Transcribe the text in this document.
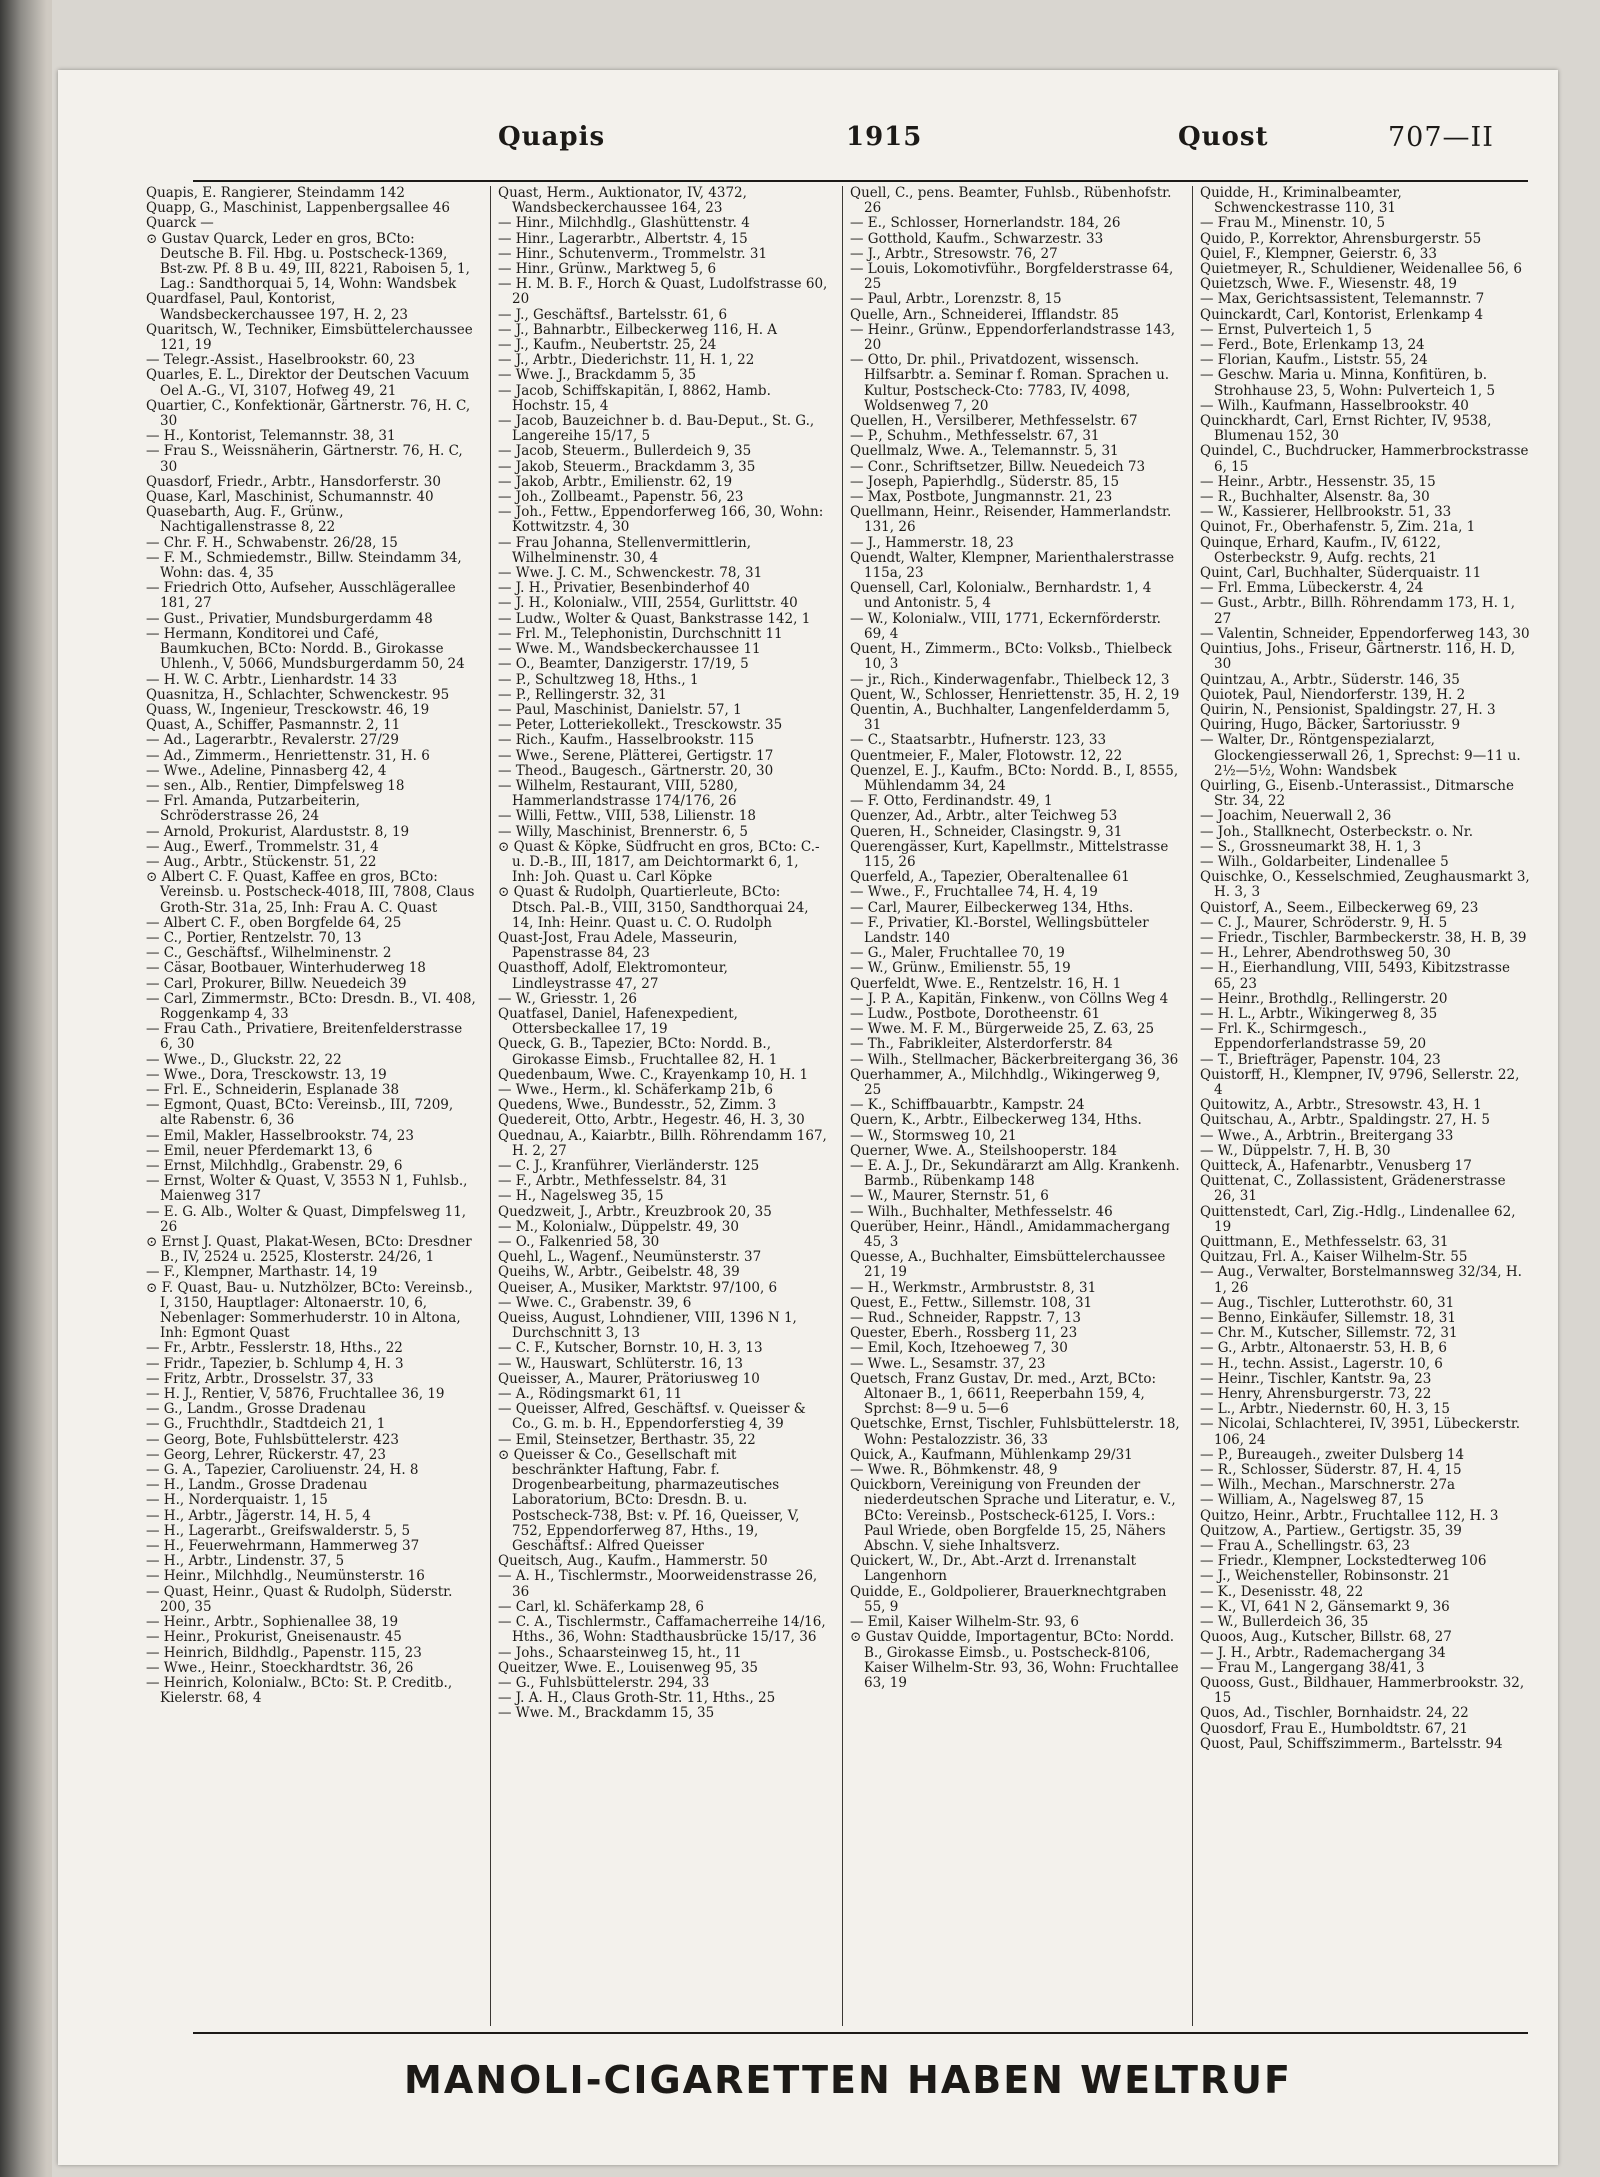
Quapis	1915	Quost	707—II

Quapis, E. Rangierer, Steindamm 142

Quapp, G., Maschinist, Lappenbergsallee 46

Quarck —

⊙ Gustav Quarck, Leder en gros, BCto: Deutsche B. Fil. Hbg. u. Postscheck-1369, Bst-zw. Pf. 8 B u. 49, III, 8221, Raboisen 5, 1, Lag.: Sandthorquai 5, 14, Wohn: Wandsbek

Quardfasel, Paul, Kontorist, Wandsbeckerchaussee 197, H. 2, 23

Quaritsch, W., Techniker, Eimsbüttelerchaussee 121, 19

— Telegr.-Assist., Haselbrookstr. 60, 23

Quarles, E. L., Direktor der Deutschen Vacuum Oel A.-G., VI, 3107, Hofweg 49, 21

Quartier, C., Konfektionär, Gärtnerstr. 76, H. C, 30

— H., Kontorist, Telemannstr. 38, 31

— Frau S., Weissnäherin, Gärtnerstr. 76, H. C, 30

Quasdorf, Friedr., Arbtr., Hansdorferstr. 30

Quase, Karl, Maschinist, Schumannstr. 40

Quasebarth, Aug. F., Grünw., Nachtigallenstrasse 8, 22

— Chr. F. H., Schwabenstr. 26/28, 15

— F. M., Schmiedemstr., Billw. Steindamm 34, Wohn: das. 4, 35

— Friedrich Otto, Aufseher, Ausschlägerallee 181, 27

— Gust., Privatier, Mundsburgerdamm 48

— Hermann, Konditorei und Café, Baumkuchen, BCto: Nordd. B., Girokasse Uhlenh., V, 5066, Mundsburgerdamm 50, 24

— H. W. C. Arbtr., Lienhardstr. 14 33

Quasnitza, H., Schlachter, Schwenckestr. 95

Quass, W., Ingenieur, Tresckowstr. 46, 19

Quast, A., Schiffer, Pasmannstr. 2, 11

— Ad., Lagerarbtr., Revalerstr. 27/29

— Ad., Zimmerm., Henriettenstr. 31, H. 6

— Wwe., Adeline, Pinnasberg 42, 4

— sen., Alb., Rentier, Dimpfelsweg 18

— Frl. Amanda, Putzarbeiterin, Schröderstrasse 26, 24

— Arnold, Prokurist, Alarduststr. 8, 19

— Aug., Ewerf., Trommelstr. 31, 4

— Aug., Arbtr., Stückenstr. 51, 22

⊙ Albert C. F. Quast, Kaffee en gros, BCto: Vereinsb. u. Postscheck-4018, III, 7808, Claus Groth-Str. 31a, 25, Inh: Frau A. C. Quast

— Albert C. F., oben Borgfelde 64, 25

— C., Portier, Rentzelstr. 70, 13

— C., Geschäftsf., Wilhelminenstr. 2

— Cäsar, Bootbauer, Winterhuderweg 18

— Carl, Prokurer, Billw. Neuedeich 39

— Carl, Zimmermstr., BCto: Dresdn. B., VI. 408, Roggenkamp 4, 33

— Frau Cath., Privatiere, Breitenfelderstrasse 6, 30

— Wwe., D., Gluckstr. 22, 22

— Wwe., Dora, Tresckowstr. 13, 19

— Frl. E., Schneiderin, Esplanade 38

— Egmont, Quast, BCto: Vereinsb., III, 7209, alte Rabenstr. 6, 36

— Emil, Makler, Hasselbrookstr. 74, 23

— Emil, neuer Pferdemarkt 13, 6

— Ernst, Milchhdlg., Grabenstr. 29, 6

— Ernst, Wolter & Quast, V, 3553 N 1, Fuhlsb., Maienweg 317

— E. G. Alb., Wolter & Quast, Dimpfelsweg 11, 26

⊙ Ernst J. Quast, Plakat-Wesen, BCto: Dresdner B., IV, 2524 u. 2525, Klosterstr. 24/26, 1

— F., Klempner, Marthastr. 14, 19

⊙ F. Quast, Bau- u. Nutzhölzer, BCto: Vereinsb., I, 3150, Hauptlager: Altonaerstr. 10, 6, Nebenlager: Sommerhuderstr. 10 in Altona, Inh: Egmont Quast

— Fr., Arbtr., Fesslerstr. 18, Hths., 22

— Fridr., Tapezier, b. Schlump 4, H. 3

— Fritz, Arbtr., Drosselstr. 37, 33

— H. J., Rentier, V, 5876, Fruchtallee 36, 19

— G., Landm., Grosse Dradenau

— G., Fruchthdlr., Stadtdeich 21, 1

— Georg, Bote, Fuhlsbüttelerstr. 423

— Georg, Lehrer, Rückerstr. 47, 23

— G. A., Tapezier, Caroliuenstr. 24, H. 8

— H., Landm., Grosse Dradenau

— H., Norderquaistr. 1, 15

— H., Arbtr., Jägerstr. 14, H. 5, 4

— H., Lagerarbt., Greifswalderstr. 5, 5

— H., Feuerwehrmann, Hammerweg 37

— H., Arbtr., Lindenstr. 37, 5

— Heinr., Milchhdlg., Neumünsterstr. 16

— Quast, Heinr., Quast & Rudolph, Süderstr. 200, 35

— Heinr., Arbtr., Sophienallee 38, 19

— Heinr., Prokurist, Gneisenaustr. 45

— Heinrich, Bildhdlg., Papenstr. 115, 23

— Wwe., Heinr., Stoeckhardtstr. 36, 26

— Heinrich, Kolonialw., BCto: St. P. Creditb., Kielerstr. 68, 4

Quast, Herm., Auktionator, IV, 4372, Wandsbeckerchaussee 164, 23

— Hinr., Milchhdlg., Glashüttenstr. 4

— Hinr., Lagerarbtr., Albertstr. 4, 15

— Hinr., Schutenverm., Trommelstr. 31

— Hinr., Grünw., Marktweg 5, 6

— H. M. B. F., Horch & Quast, Ludolfstrasse 60, 20

— J., Geschäftsf., Bartelsstr. 61, 6

— J., Bahnarbtr., Eilbeckerweg 116, H. A

— J., Kaufm., Neubertstr. 25, 24

— J., Arbtr., Diederichstr. 11, H. 1, 22

— Wwe. J., Brackdamm 5, 35

— Jacob, Schiffskapitän, I, 8862, Hamb. Hochstr. 15, 4

— Jacob, Bauzeichner b. d. Bau-Deput., St. G., Langereihe 15/17, 5

— Jacob, Steuerm., Bullerdeich 9, 35

— Jakob, Steuerm., Brackdamm 3, 35

— Jakob, Arbtr., Emilienstr. 62, 19

— Joh., Zollbeamt., Papenstr. 56, 23

— Joh., Fettw., Eppendorferweg 166, 30, Wohn: Kottwitzstr. 4, 30

— Frau Johanna, Stellenvermittlerin, Wilhelminenstr. 30, 4

— Wwe. J. C. M., Schwenckestr. 78, 31

— J. H., Privatier, Besenbinderhof 40

— J. H., Kolonialw., VIII, 2554, Gurlittstr. 40

— Ludw., Wolter & Quast, Bankstrasse 142, 1

— Frl. M., Telephonistin, Durchschnitt 11

— Wwe. M., Wandsbeckerchaussee 11

— O., Beamter, Danzigerstr. 17/19, 5

— P., Schultzweg 18, Hths., 1

— P., Rellingerstr. 32, 31

— Paul, Maschinist, Danielstr. 57, 1

— Peter, Lotteriekollekt., Tresckowstr. 35

— Rich., Kaufm., Hasselbrookstr. 115

— Wwe., Serene, Plätterei, Gertigstr. 17

— Theod., Baugesch., Gärtnerstr. 20, 30

— Wilhelm, Restaurant, VIII, 5280, Hammerlandstrasse 174/176, 26

— Willi, Fettw., VIII, 538, Lilienstr. 18

— Willy, Maschinist, Brennerstr. 6, 5

⊙ Quast & Köpke, Südfrucht en gros, BCto: C.-u. D.-B., III, 1817, am Deichtormarkt 6, 1, Inh: Joh. Quast u. Carl Köpke

⊙ Quast & Rudolph, Quartierleute, BCto: Dtsch. Pal.-B., VIII, 3150, Sandthorquai 24, 14, Inh: Heinr. Quast u. C. O. Rudolph

Quast-Jost, Frau Adele, Masseurin, Papenstrasse 84, 23

Quasthoff, Adolf, Elektromonteur, Lindleystrasse 47, 27

— W., Griesstr. 1, 26

Quatfasel, Daniel, Hafenexpedient, Ottersbeckallee 17, 19

Queck, G. B., Tapezier, BCto: Nordd. B., Girokasse Eimsb., Fruchtallee 82, H. 1

Quedenbaum, Wwe. C., Krayenkamp 10, H. 1

— Wwe., Herm., kl. Schäferkamp 21b, 6

Quedens, Wwe., Bundesstr., 52, Zimm. 3

Quedereit, Otto, Arbtr., Hegestr. 46, H. 3, 30

Quednau, A., Kaiarbtr., Billh. Röhrendamm 167, H. 2, 27

— C. J., Kranführer, Vierländerstr. 125

— F., Arbtr., Methfesselstr. 84, 31

— H., Nagelsweg 35, 15

Quedzweit, J., Arbtr., Kreuzbrook 20, 35

— M., Kolonialw., Düppelstr. 49, 30

— O., Falkenried 58, 30

Quehl, L., Wagenf., Neumünsterstr. 37

Queihs, W., Arbtr., Geibelstr. 48, 39

Queiser, A., Musiker, Marktstr. 97/100, 6

— Wwe. C., Grabenstr. 39, 6

Queiss, August, Lohndiener, VIII, 1396 N 1, Durchschnitt 3, 13

— C. F., Kutscher, Bornstr. 10, H. 3, 13

— W., Hauswart, Schlüterstr. 16, 13

Queisser, A., Maurer, Prätoriusweg 10

— A., Rödingsmarkt 61, 11

— Queisser, Alfred, Geschäftsf. v. Queisser & Co., G. m. b. H., Eppendorferstieg 4, 39

— Emil, Steinsetzer, Berthastr. 35, 22

⊙ Queisser & Co., Gesellschaft mit beschränkter Haftung, Fabr. f. Drogenbearbeitung, pharmazeutisches Laboratorium, BCto: Dresdn. B. u. Postscheck-738, Bst: v. Pf. 16, Queisser, V, 752, Eppendorferweg 87, Hths., 19, Geschäftsf.: Alfred Queisser

Queitsch, Aug., Kaufm., Hammerstr. 50

— A. H., Tischlermstr., Moorweidenstrasse 26, 36

— Carl, kl. Schäferkamp 28, 6

— C. A., Tischlermstr., Caffamacherreihe 14/16, Hths., 36, Wohn: Stadthausbrücke 15/17, 36

— Johs., Schaarsteinweg 15, ht., 11

Queitzer, Wwe. E., Louisenweg 95, 35

— G., Fuhlsbüttelerstr. 294, 33

— J. A. H., Claus Groth-Str. 11, Hths., 25

— Wwe. M., Brackdamm 15, 35

Quell, C., pens. Beamter, Fuhlsb., Rübenhofstr. 26

— E., Schlosser, Hornerlandstr. 184, 26

— Gotthold, Kaufm., Schwarzestr. 33

— J., Arbtr., Stresowstr. 76, 27

— Louis, Lokomotivführ., Borgfelderstrasse 64, 25

— Paul, Arbtr., Lorenzstr. 8, 15

Quelle, Arn., Schneiderei, Ifflandstr. 85

— Heinr., Grünw., Eppendorferlandstrasse 143, 20

— Otto, Dr. phil., Privatdozent, wissensch. Hilfsarbtr. a. Seminar f. Roman. Sprachen u. Kultur, Postscheck-Cto: 7783, IV, 4098, Woldsenweg 7, 20

Quellen, H., Versilberer, Methfesselstr. 67

— P., Schuhm., Methfesselstr. 67, 31

Quellmalz, Wwe. A., Telemannstr. 5, 31

— Conr., Schriftsetzer, Billw. Neuedeich 73

— Joseph, Papierhdlg., Süderstr. 85, 15

— Max, Postbote, Jungmannstr. 21, 23

Quellmann, Heinr., Reisender, Hammerlandstr. 131, 26

— J., Hammerstr. 18, 23

Quendt, Walter, Klempner, Marienthalerstrasse 115a, 23

Quensell, Carl, Kolonialw., Bernhardstr. 1, 4 und Antonistr. 5, 4

— W., Kolonialw., VIII, 1771, Eckernförderstr. 69, 4

Quent, H., Zimmerm., BCto: Volksb., Thielbeck 10, 3

— jr., Rich., Kinderwagenfabr., Thielbeck 12, 3

Quent, W., Schlosser, Henriettenstr. 35, H. 2, 19

Quentin, A., Buchhalter, Langenfelderdamm 5, 31

— C., Staatsarbtr., Hufnerstr. 123, 33

Quentmeier, F., Maler, Flotowstr. 12, 22

Quenzel, E. J., Kaufm., BCto: Nordd. B., I, 8555, Mühlendamm 34, 24

— F. Otto, Ferdinandstr. 49, 1

Quenzer, Ad., Arbtr., alter Teichweg 53

Queren, H., Schneider, Clasingstr. 9, 31

Querengässer, Kurt, Kapellmstr., Mittelstrasse 115, 26

Querfeld, A., Tapezier, Oberaltenallee 61

— Wwe., F., Fruchtallee 74, H. 4, 19

— Carl, Maurer, Eilbeckerweg 134, Hths.

— F., Privatier, Kl.-Borstel, Wellingsbütteler Landstr. 140

— G., Maler, Fruchtallee 70, 19

— W., Grünw., Emilienstr. 55, 19

Querfeldt, Wwe. E., Rentzelstr. 16, H. 1

— J. P. A., Kapitän, Finkenw., von Cöllns Weg 4

— Ludw., Postbote, Dorotheenstr. 61

— Wwe. M. F. M., Bürgerweide 25, Z. 63, 25

— Th., Fabrikleiter, Alsterdorferstr. 84

— Wilh., Stellmacher, Bäckerbreitergang 36, 36

Querhammer, A., Milchhdlg., Wikingerweg 9, 25

— K., Schiffbauarbtr., Kampstr. 24

Quern, K., Arbtr., Eilbeckerweg 134, Hths.

— W., Stormsweg 10, 21

Querner, Wwe. A., Steilshooperstr. 184

— E. A. J., Dr., Sekundärarzt am Allg. Krankenh. Barmb., Rübenkamp 148

— W., Maurer, Sternstr. 51, 6

— Wilh., Buchhalter, Methfesselstr. 46

Querüber, Heinr., Händl., Amidammachergang 45, 3

Quesse, A., Buchhalter, Eimsbüttelerchaussee 21, 19

— H., Werkmstr., Armbruststr. 8, 31

Quest, E., Fettw., Sillemstr. 108, 31

— Rud., Schneider, Rappstr. 7, 13

Quester, Eberh., Rossberg 11, 23

— Emil, Koch, Itzehoeweg 7, 30

— Wwe. L., Sesamstr. 37, 23

Quetsch, Franz Gustav, Dr. med., Arzt, BCto: Altonaer B., 1, 6611, Reeperbahn 159, 4, Sprchst: 8—9 u. 5—6

Quetschke, Ernst, Tischler, Fuhlsbüttelerstr. 18, Wohn: Pestalozzistr. 36, 33

Quick, A., Kaufmann, Mühlenkamp 29/31

— Wwe. R., Böhmkenstr. 48, 9

Quickborn, Vereinigung von Freunden der niederdeutschen Sprache und Literatur, e. V., BCto: Vereinsb., Postscheck-6125, I. Vors.: Paul Wriede, oben Borgfelde 15, 25, Nähers Abschn. V, siehe Inhaltsverz.

Quickert, W., Dr., Abt.-Arzt d. Irrenanstalt Langenhorn

Quidde, E., Goldpolierer, Brauerknechtgraben 55, 9

— Emil, Kaiser Wilhelm-Str. 93, 6

⊙ Gustav Quidde, Importagentur, BCto: Nordd. B., Girokasse Eimsb., u. Postscheck-8106, Kaiser Wilhelm-Str. 93, 36, Wohn: Fruchtallee 63, 19

Quidde, H., Kriminalbeamter, Schwenckestrasse 110, 31

— Frau M., Minenstr. 10, 5

Quido, P., Korrektor, Ahrensburgerstr. 55

Quiel, F., Klempner, Geierstr. 6, 33

Quietmeyer, R., Schuldiener, Weidenallee 56, 6

Quietzsch, Wwe. F., Wiesenstr. 48, 19

— Max, Gerichtsassistent, Telemannstr. 7

Quinckardt, Carl, Kontorist, Erlenkamp 4

— Ernst, Pulverteich 1, 5

— Ferd., Bote, Erlenkamp 13, 24

— Florian, Kaufm., Liststr. 55, 24

— Geschw. Maria u. Minna, Konfitüren, b. Strohhause 23, 5, Wohn: Pulverteich 1, 5

— Wilh., Kaufmann, Hasselbrookstr. 40

Quinckhardt, Carl, Ernst Richter, IV, 9538, Blumenau 152, 30

Quindel, C., Buchdrucker, Hammerbrockstrasse 6, 15

— Heinr., Arbtr., Hessenstr. 35, 15

— R., Buchhalter, Alsenstr. 8a, 30

— W., Kassierer, Hellbrookstr. 51, 33

Quinot, Fr., Oberhafenstr. 5, Zim. 21a, 1

Quinque, Erhard, Kaufm., IV, 6122, Osterbeckstr. 9, Aufg. rechts, 21

Quint, Carl, Buchhalter, Süderquaistr. 11

— Frl. Emma, Lübeckerstr. 4, 24

— Gust., Arbtr., Billh. Röhrendamm 173, H. 1, 27

— Valentin, Schneider, Eppendorferweg 143, 30

Quintius, Johs., Friseur, Gärtnerstr. 116, H. D, 30

Quintzau, A., Arbtr., Süderstr. 146, 35

Quiotek, Paul, Niendorferstr. 139, H. 2

Quirin, N., Pensionist, Spaldingstr. 27, H. 3

Quiring, Hugo, Bäcker, Sartoriusstr. 9

— Walter, Dr., Röntgenspezialarzt, Glockengiesserwall 26, 1, Sprechst: 9—11 u. 2½—5½, Wohn: Wandsbek

Quirling, G., Eisenb.-Unterassist., Ditmarsche Str. 34, 22

— Joachim, Neuerwall 2, 36

— Joh., Stallknecht, Osterbeckstr. o. Nr.

— S., Grossneumarkt 38, H. 1, 3

— Wilh., Goldarbeiter, Lindenallee 5

Quischke, O., Kesselschmied, Zeughausmarkt 3, H. 3, 3

Quistorf, A., Seem., Eilbeckerweg 69, 23

— C. J., Maurer, Schröderstr. 9, H. 5

— Friedr., Tischler, Barmbeckerstr. 38, H. B, 39

— H., Lehrer, Abendrothsweg 50, 30

— H., Eierhandlung, VIII, 5493, Kibitzstrasse 65, 23

— Heinr., Brothdlg., Rellingerstr. 20

— H. L., Arbtr., Wikingerweg 8, 35

— Frl. K., Schirmgesch., Eppendorferlandstrasse 59, 20

— T., Briefträger, Papenstr. 104, 23

Quistorff, H., Klempner, IV, 9796, Sellerstr. 22, 4

Quitowitz, A., Arbtr., Stresowstr. 43, H. 1

Quitschau, A., Arbtr., Spaldingstr. 27, H. 5

— Wwe., A., Arbtrin., Breitergang 33

— W., Düppelstr. 7, H. B, 30

Quitteck, A., Hafenarbtr., Venusberg 17

Quittenat, C., Zollassistent, Grädenerstrasse 26, 31

Quittenstedt, Carl, Zig.-Hdlg., Lindenallee 62, 19

Quittmann, E., Methfesselstr. 63, 31

Quitzau, Frl. A., Kaiser Wilhelm-Str. 55

— Aug., Verwalter, Borstelmannsweg 32/34, H. 1, 26

— Aug., Tischler, Lutterothstr. 60, 31

— Benno, Einkäufer, Sillemstr. 18, 31

— Chr. M., Kutscher, Sillemstr. 72, 31

— G., Arbtr., Altonaerstr. 53, H. B, 6

— H., techn. Assist., Lagerstr. 10, 6

— Heinr., Tischler, Kantstr. 9a, 23

— Henry, Ahrensburgerstr. 73, 22

— L., Arbtr., Niedernstr. 60, H. 3, 15

— Nicolai, Schlachterei, IV, 3951, Lübeckerstr. 106, 24

— P., Bureaugeh., zweiter Dulsberg 14

— R., Schlosser, Süderstr. 87, H. 4, 15

— Wilh., Mechan., Marschnerstr. 27a

— William, A., Nagelsweg 87, 15

Quitzo, Heinr., Arbtr., Fruchtallee 112, H. 3

Quitzow, A., Partiew., Gertigstr. 35, 39

— Frau A., Schellingstr. 63, 23

— Friedr., Klempner, Lockstedterweg 106

— J., Weichensteller, Robinsonstr. 21

— K., Desenisstr. 48, 22

— K., VI, 641 N 2, Gänsemarkt 9, 36

— W., Bullerdeich 36, 35

Quoos, Aug., Kutscher, Billstr. 68, 27

— J. H., Arbtr., Rademachergang 34

— Frau M., Langergang 38/41, 3

Quooss, Gust., Bildhauer, Hammerbrookstr. 32, 15

Quos, Ad., Tischler, Bornhaidstr. 24, 22

Quosdorf, Frau E., Humboldtstr. 67, 21

Quost, Paul, Schiffszimmerm., Bartelsstr. 94

MANOLI-CIGARETTEN HABEN WELTRUF
